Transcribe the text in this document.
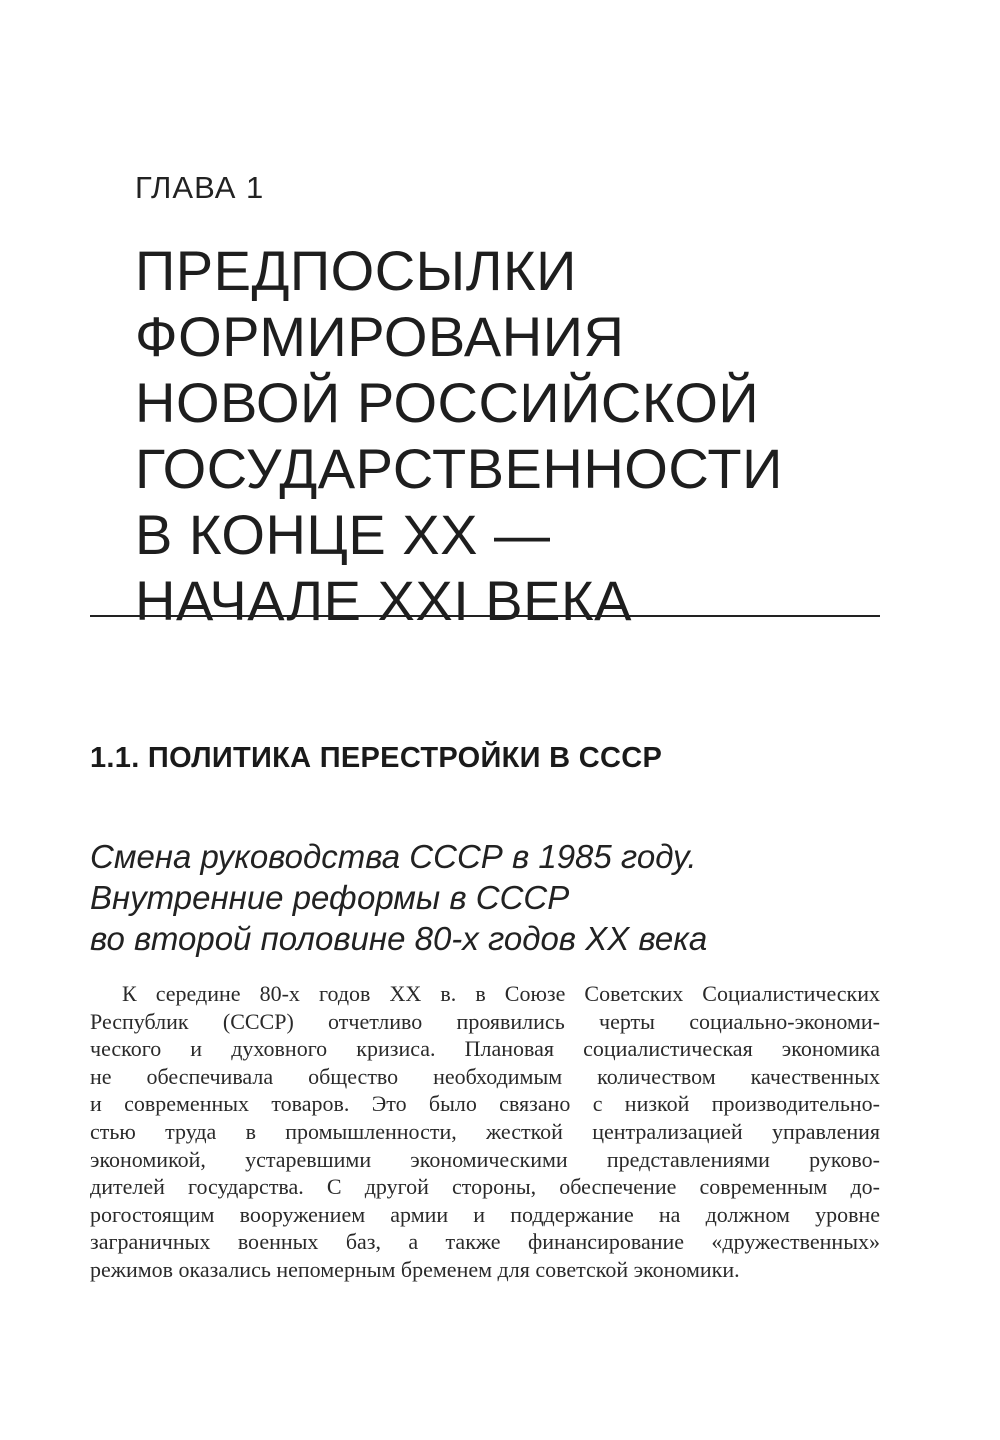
ГЛАВА 1
ПРЕДПОСЫЛКИ
ФОРМИРОВАНИЯ
НОВОЙ РОССИЙСКОЙ
ГОСУДАРСТВЕННОСТИ
В КОНЦЕ XX —
НАЧАЛЕ XXI ВЕКА
1.1. ПОЛИТИКА ПЕРЕСТРОЙКИ В СССР
Смена руководства СССР в 1985 году.
Внутренние реформы в СССР
во второй половине 80-х годов XX века
К середине 80-х годов XX в. в Союзе Советских Социалистических
Республик (СССР) отчетливо проявились черты социально-экономи-
ческого и духовного кризиса. Плановая социалистическая экономика
не обеспечивала общество необходимым количеством качественных
и современных товаров. Это было связано с низкой производительно-
стью труда в промышленности, жесткой централизацией управления
экономикой, устаревшими экономическими представлениями руково-
дителей государства. С другой стороны, обеспечение современным до-
рогостоящим вооружением армии и поддержание на должном уровне
заграничных военных баз, а также финансирование «дружественных»
режимов оказались непомерным бременем для советской экономики.
